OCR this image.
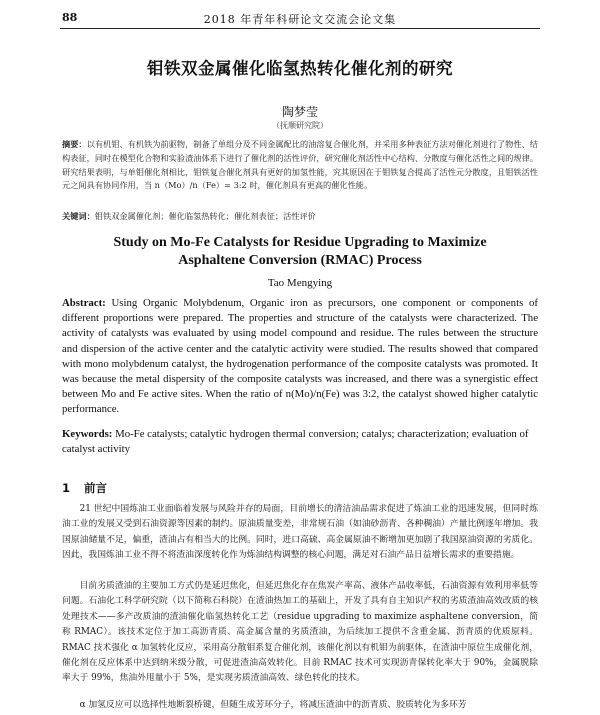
88	2018 年青年科研论文交流会论文集
钼铁双金属催化临氢热转化催化剂的研究
陶梦莹
（抚顺研究院）
摘要：以有机钼、有机铁为前驱物，制备了单组分及不同金属配比的油溶复合催化剂，并采用多种表征方法对催化剂进行了物性、结构表征，同时在模型化合物和实验渣油体系下进行了催化剂的活性评价，研究催化剂活性中心结构、分散度与催化活性之间的规律。研究结果表明，与单钼催化剂相比，钼铁复合催化剂具有更好的加氢性能，究其原因在于钼铁复合提高了活性元分散度，且钼铁活性元之间具有协同作用，当 n（Mo）/n（Fe）= 3:2 时，催化剂具有更高的催化性能。
关键词：钼铁双金属催化剂；催化临氢热转化；催化剂表征；活性评价
Study on Mo-Fe Catalysts for Residue Upgrading to Maximize
Asphaltene Conversion (RMAC) Process
Tao Mengying
Abstract: Using Organic Molybdenum, Organic iron as precursors, one component or components of different proportions were prepared. The properties and structure of the catalysts were characterized. The activity of catalysts was evaluated by using model compound and residue. The rules between the structure and dispersion of the active center and the catalytic activity were studied. The results showed that compared with mono molybdenum catalyst, the hydrogenation performance of the composite catalysts was promoted. It was because the metal dispersity of the composite catalysts was increased, and there was a synergistic effect between Mo and Fe active sites. When the ratio of n(Mo)/n(Fe) was 3:2, the catalyst showed higher catalytic performance.
Keywords: Mo-Fe catalysts; catalytic hydrogen thermal conversion; catalys; characterization; evaluation of catalyst activity
1 前言

21 世纪中国炼油工业面临着发展与风险并存的局面，目前增长的清洁油品需求促进了炼油工业的迅速发展，但同时炼油工业的发展又受到石油资源等因素的制约。原油质量变差，非常规石油（如油砂沥青、各种稠油）产量比例逐年增加。我国原油储量不足，偏重，渣油占有相当大的比例。同时，进口高硫、高金属原油不断增加更加剧了我国原油资源的劣质化。因此，我国炼油工业不得不将渣油深度转化作为炼油结构调整的核心问题，满足对石油产品日益增长需求的重要措施。

目前劣质渣油的主要加工方式仍是延迟焦化，但延迟焦化存在焦炭产率高、液体产品收率低，石油资源有效利用率低等问题。石油化工科学研究院（以下简称石科院）在渣油热加工的基础上，开发了具有自主知识产权的劣质渣油高效改质的核处理技术——多产改质油的渣油催化临氢热转化工艺（residue upgrading to maximize asphaltene conversion，简称 RMAC）。该技术定位于加工高沥青质、高金属含量的劣质渣油，为后续加工提供不含重金属、沥青质的优质原料。RMAC 技术强化 α 加氢转化反应，采用高分散钼系复合催化剂，该催化剂以有机钼为前驱体，在渣油中原位生成催化剂，催化剂在反应体系中达到纳米级分散，可促进渣油高效转化。目前 RMAC 技术可实现沥青保转化率大于 90%，金属脱除率大于 99%，焦油外甩量小于 5%，是实现劣质渣油高效、绿色转化的技术。

α 加氢反应可以选择性地断裂桥键，但随生成芳环分子，将减压渣油中的沥青质、胶质转化为多环芳
